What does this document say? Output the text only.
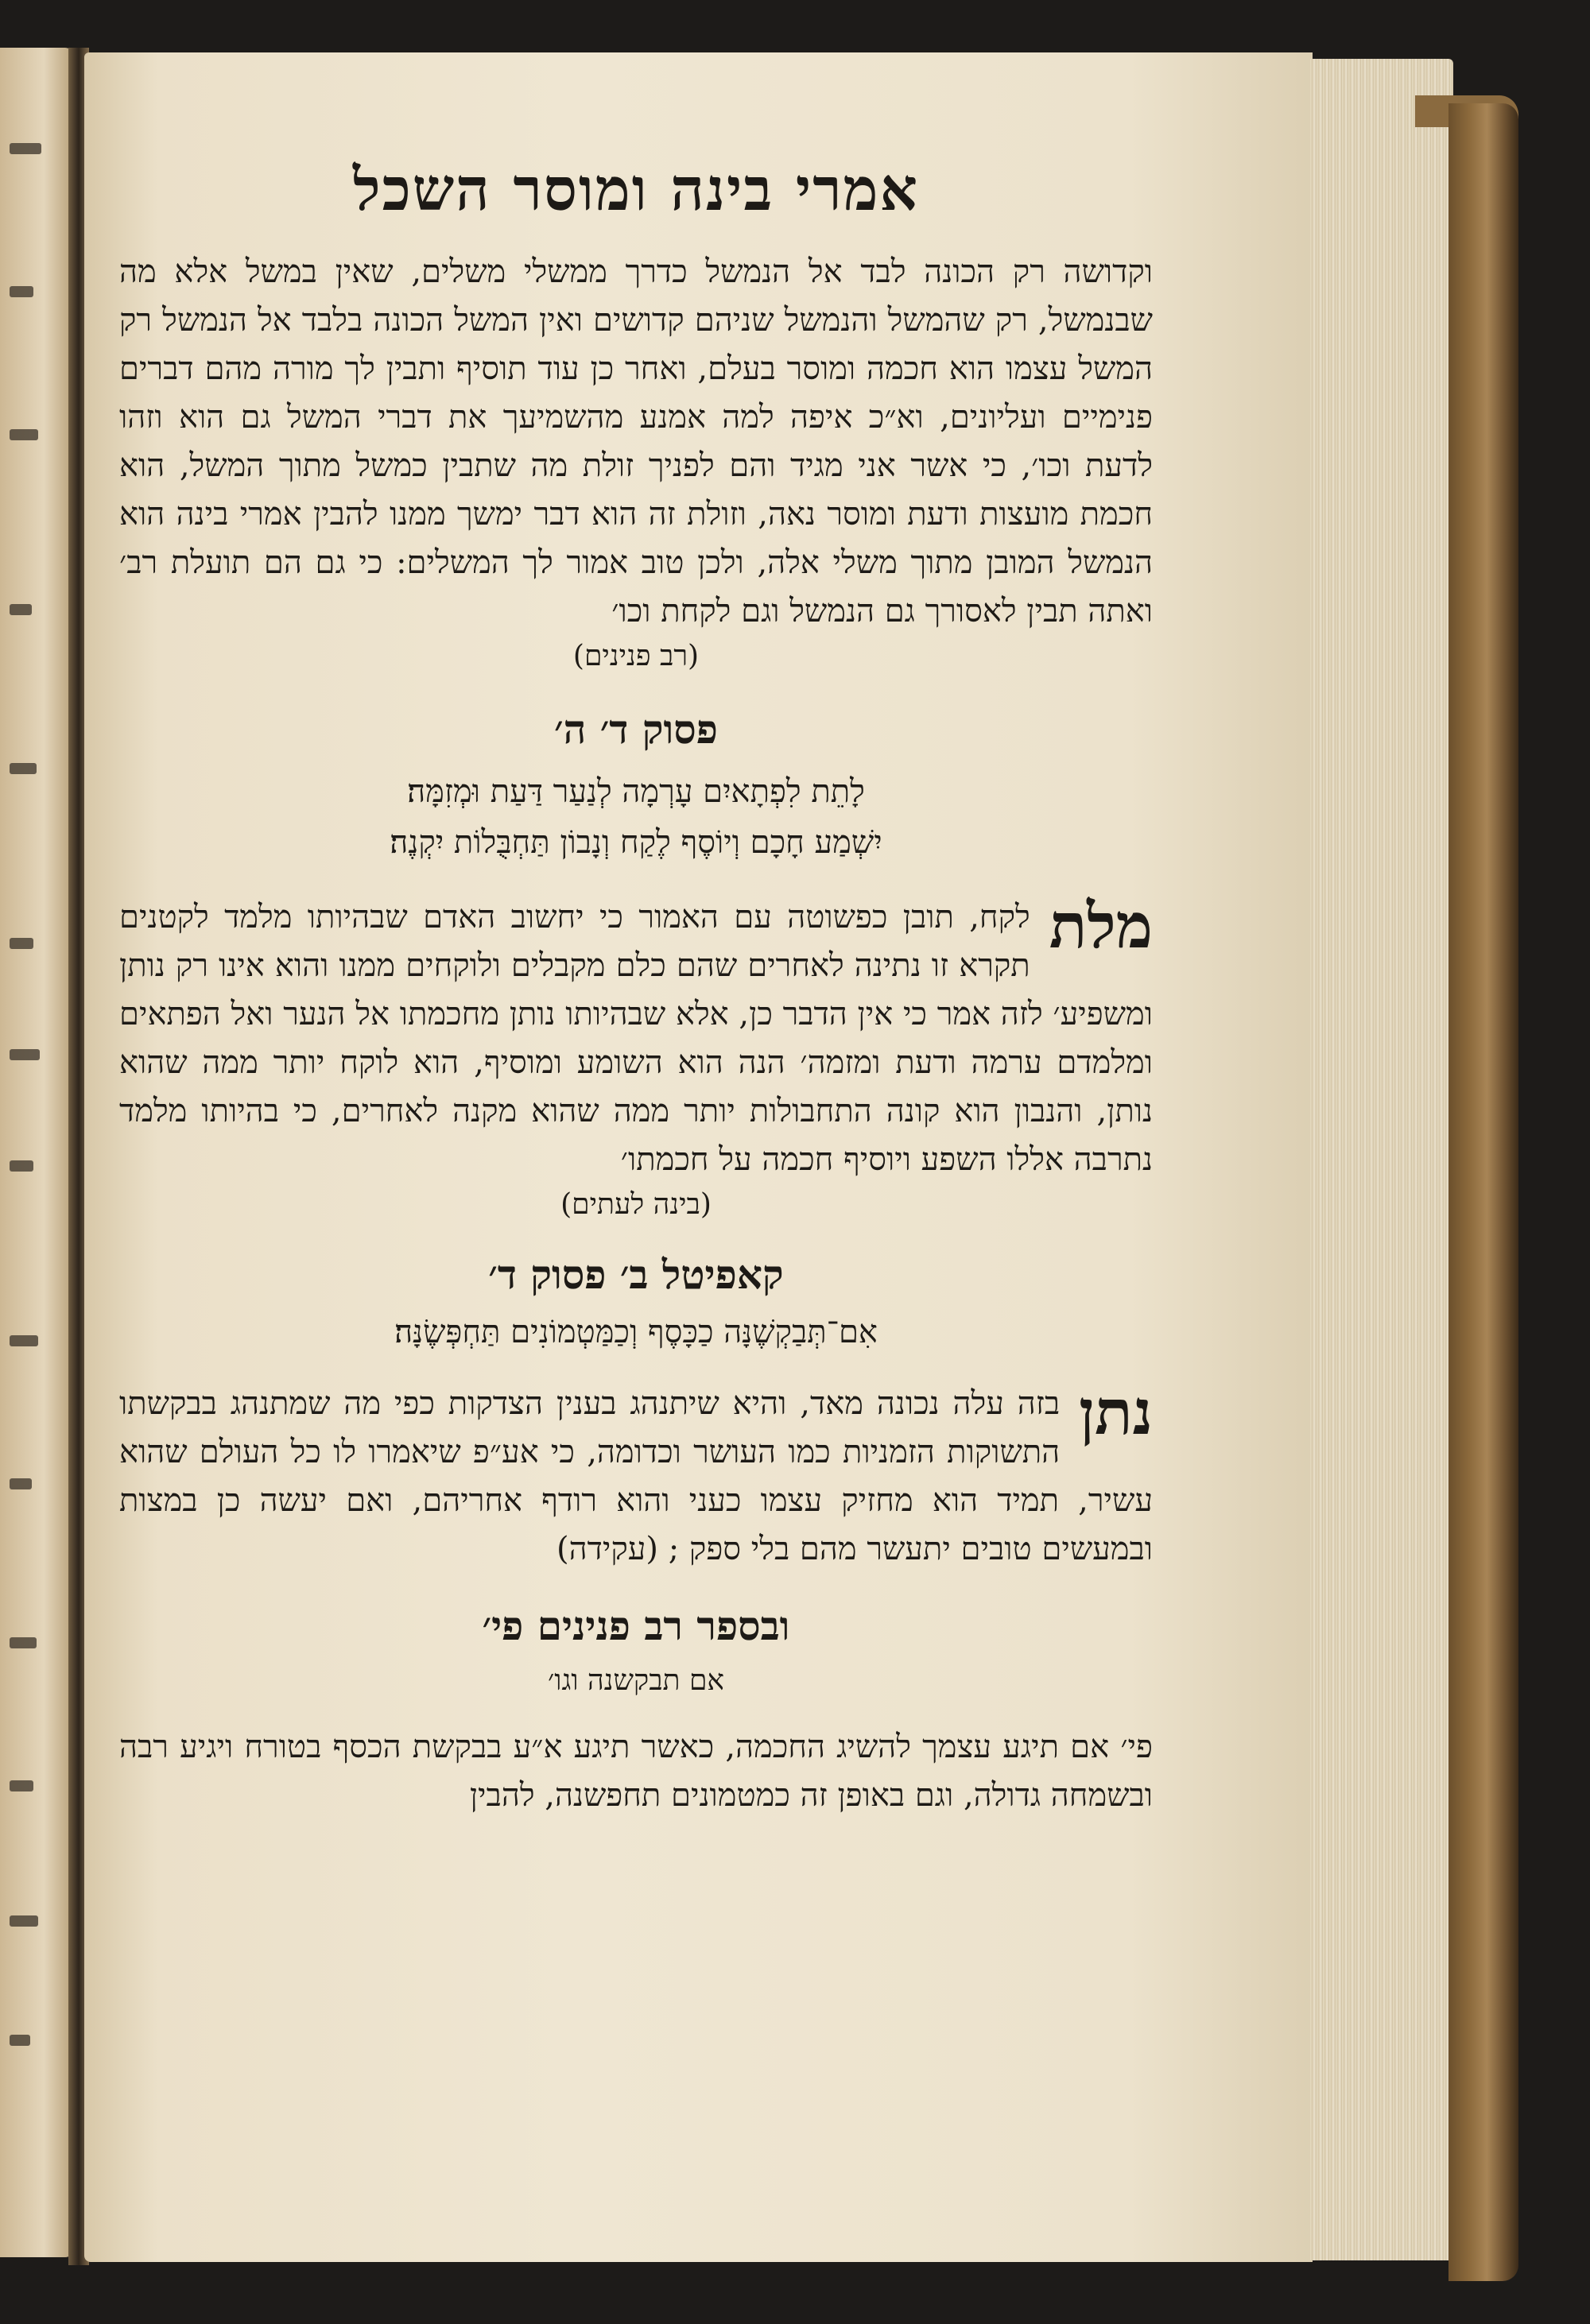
אמרי בינה ומוסר השכל

וקדושה רק הכונה לבד אל הנמשל כדרך ממשלי משלים, שאין במשל אלא מה שבנמשל, רק שהמשל והנמשל שניהם קדושים ואין המשל הכונה בלבד אל הנמשל רק המשל עצמו הוא חכמה ומוסר בעלם, ואחר כן עוד תוסיף ותבין לך מורה מהם דברים פנימיים ועליונים, וא״כ איפה למה אמנע מהשמיעך את דברי המשל גם הוא וזהו לדעת וכו׳, כי אשר אני מגיד והם לפניך זולת מה שתבין כמשל מתוך המשל, הוא חכמת מועצות ודעת ומוסר נאה, וזולת זה הוא דבר ימשך ממנו להבין אמרי בינה הוא הנמשל המובן מתוך משלי אלה, ולכן טוב אמור לך המשלים: כי גם הם תועלת רב׳ ואתה תבין לאסורך גם הנמשל וגם לקחת וכו׳

(רב פנינים)
פסוק ד׳ ה׳
לָתֵת לִפְתָאיִם עָרְמָה לְנַעַר דַּעַת וּמְזִמָּה׃
יִשְׁמַע חָכָם וְיוֹסֶף לֶקַח וְנָבוֹן תַּחְבֻּלוֹת יִקְנֶה׃
מלת

לקח, תובן כפשוטה עם האמור כי יחשוב האדם שבהיותו מלמד לקטנים תקרא זו נתינה לאחרים שהם כלם מקבלים ולוקחים ממנו והוא אינו רק נותן ומשפיע׳ לזה אמר כי אין הדבר כן, אלא שבהיותו נותן מחכמתו אל הנער ואל הפתאים ומלמדם ערמה ודעת ומזמה׳ הנה הוא השומע ומוסיף, הוא לוקח יותר ממה שהוא נותן, והנבון הוא קונה התחבולות יותר ממה שהוא מקנה לאחרים, כי בהיותו מלמד נתרבה אללו השפע ויוסיף חכמה על חכמתו׳

(בינה לעתים)
קאפיטל ב׳ פסוק ד׳
אִם־תְּבַקְשֶׁנָּה כַכָּסֶף וְכַמַּטְמוֹנִים תַּחְפְּשֶׂנָּה׃
נתן

בזה עלה נכונה מאד, והיא שיתנהג בענין הצדקות כפי מה שמתנהג בבקשתו התשוקות הזמניות כמו העושר וכדומה, כי אע״פ שיאמרו לו כל העולם שהוא עשיר, תמיד הוא מחזיק עצמו כעני והוא רודף אחריהם, ואם יעשה כן במצות ובמעשים טובים יתעשר מהם בלי ספק ; (עקידה)

ובספר רב פנינים פי׳
אם תבקשנה וגו׳

פי׳ אם תיגע עצמך להשיג החכמה, כאשר תיגע א״ע בבקשת הכסף בטורח ויגיע רבה ובשמחה גדולה, וגם באופן זה כמטמונים תחפשנה, להבין
